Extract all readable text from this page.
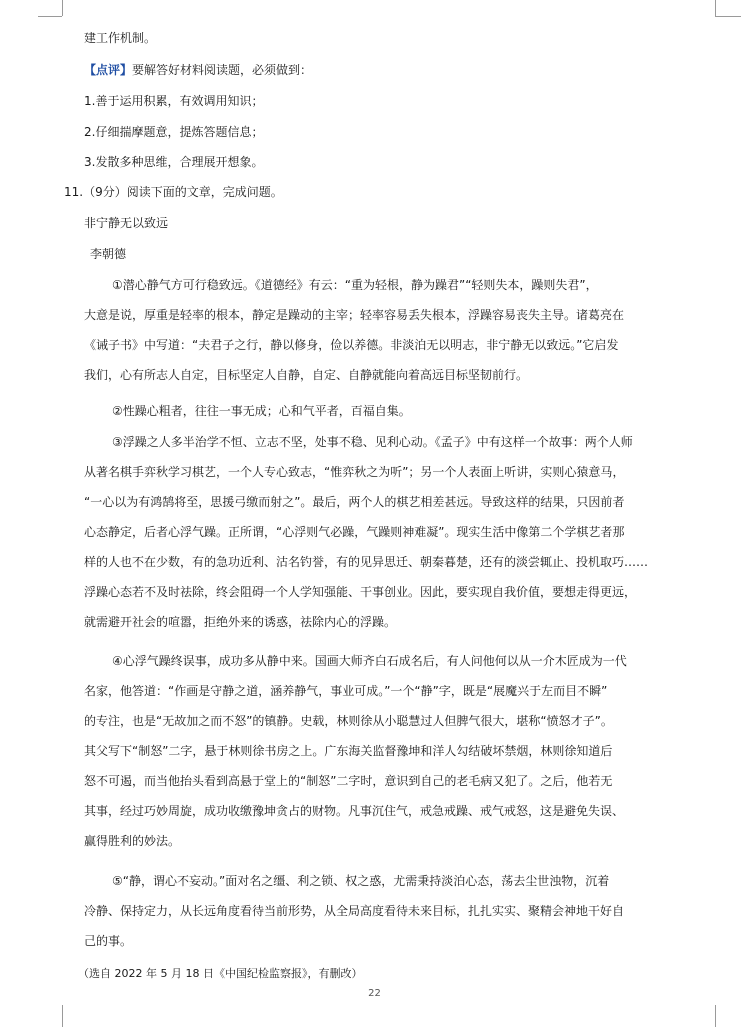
建工作机制。
【点评】要解答好材料阅读题，必须做到：
1.善于运用积累，有效调用知识；
2.仔细揣摩题意，提炼答题信息；
3.发散多种思维，合理展开想象。
11.（9分）阅读下面的文章，完成问题。
非宁静无以致远
李朝德
①潜心静气方可行稳致远。《道德经》有云：“重为轻根，静为躁君”“轻则失本，躁则失君”，
大意是说，厚重是轻率的根本，静定是躁动的主宰；轻率容易丢失根本，浮躁容易丧失主导。诸葛亮在
《诫子书》中写道：“夫君子之行，静以修身，俭以养德。非淡泊无以明志，非宁静无以致远。”它启发
我们，心有所志人自定，目标坚定人自静，自定、自静就能向着高远目标坚韧前行。
②性躁心粗者，往往一事无成；心和气平者，百福自集。
③浮躁之人多半治学不恒、立志不坚，处事不稳、见利心动。《孟子》中有这样一个故事：两个人师
从著名棋手弈秋学习棋艺，一个人专心致志，“惟弈秋之为听”；另一个人表面上听讲，实则心猿意马，
“一心以为有鸿鹄将至，思援弓缴而射之”。最后，两个人的棋艺相差甚远。导致这样的结果，只因前者
心态静定，后者心浮气躁。正所谓，“心浮则气必躁，气躁则神难凝”。现实生活中像第二个学棋艺者那
样的人也不在少数，有的急功近利、沽名钓誉，有的见异思迁、朝秦暮楚，还有的淡尝辄止、投机取巧……
浮躁心态若不及时祛除，终会阻碍一个人学知强能、干事创业。因此，要实现自我价值，要想走得更远，
就需避开社会的喧嚣，拒绝外来的诱惑，祛除内心的浮躁。
④心浮气躁终误事，成功多从静中来。国画大师齐白石成名后，有人问他何以从一介木匠成为一代
名家，他答道：“作画是守静之道，涵养静气，事业可成。”一个“静”字，既是“展魔兴于左而目不瞬”
的专注，也是“无故加之而不怒”的镇静。史载，林则徐从小聪慧过人但脾气很大，堪称“愤怒才子”。
其父写下“制怒”二字，悬于林则徐书房之上。广东海关监督豫坤和洋人勾结破坏禁烟，林则徐知道后
怒不可遏，而当他抬头看到高悬于堂上的“制怒”二字时，意识到自己的老毛病又犯了。之后，他若无
其事，经过巧妙周旋，成功收缴豫坤贪占的财物。凡事沉住气，戒急戒躁、戒气戒怒，这是避免失误、
赢得胜利的妙法。
⑤“静，谓心不妄动。”面对名之缰、利之锁、权之惑，尤需秉持淡泊心态，荡去尘世浊物，沉着
冷静、保持定力，从长远角度看待当前形势，从全局高度看待未来目标，扎扎实实、聚精会神地干好自
己的事。
（选自 2022 年 5 月 18 日《中国纪检监察报》，有删改）
22
